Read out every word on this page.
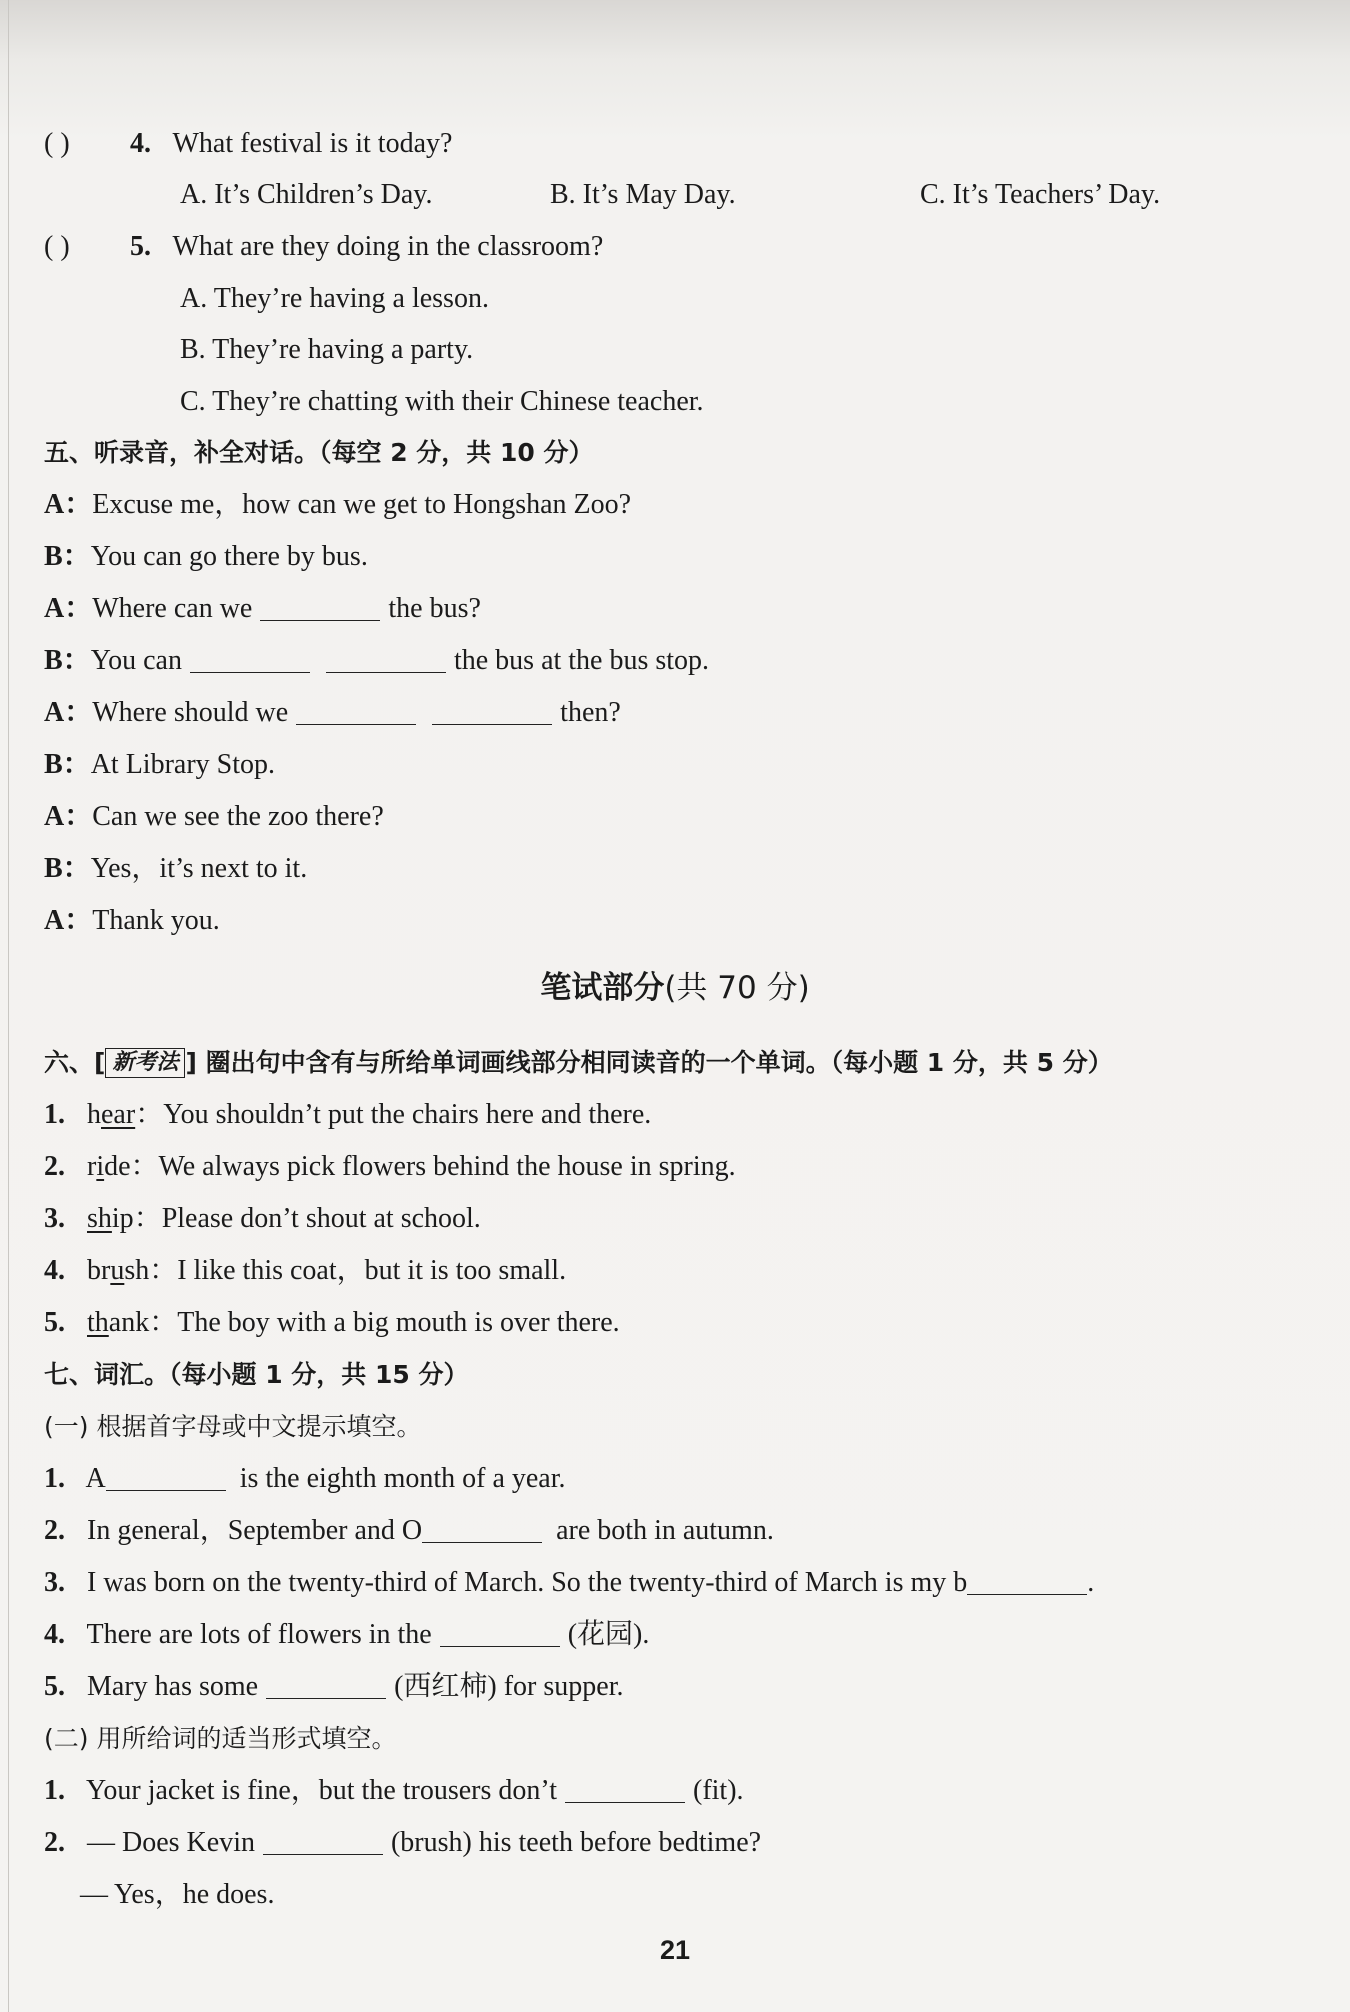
( ) 4. What festival is it today?
A. It’s Children’s Day.	B. It’s May Day.	C. It’s Teachers’ Day.
( ) 5. What are they doing in the classroom?
A. They’re having a lesson.
B. They’re having a party.
C. They’re chatting with their Chinese teacher.
五、听录音，补全对话。（每空 2 分，共 10 分）
A：Excuse me，how can we get to Hongshan Zoo?
B：You can go there by bus.
A：Where can we	the bus?
B：You can	the bus at the bus stop.
A：Where should we	then?
B：At Library Stop.
A：Can we see the zoo there?
B：Yes，it’s next to it.
A：Thank you.
笔试部分(共 70 分)
六、[ 新考法 ] 圈出句中含有与所给单词画线部分相同读音的一个单词。（每小题 1 分，共 5 分）
1. hear：You shouldn’t put the chairs here and there.
2. ride：We always pick flowers behind the house in spring.
3. ship：Please don’t shout at school.
4. brush：I like this coat，but it is too small.
5. thank：The boy with a big mouth is over there.
七、词汇。（每小题 1 分，共 15 分）
(一) 根据首字母或中文提示填空。
1. A	is the eighth month of a year.
2. In general，September and O	are both in autumn.
3. I was born on the twenty-third of March. So the twenty-third of March is my b	.
4. There are lots of flowers in the	(花园).
5. Mary has some	(西红柿) for supper.
(二) 用所给词的适当形式填空。
1. Your jacket is fine，but the trousers don’t	(fit).
2. — Does Kevin	(brush) his teeth before bedtime?
— Yes，he does.
21
